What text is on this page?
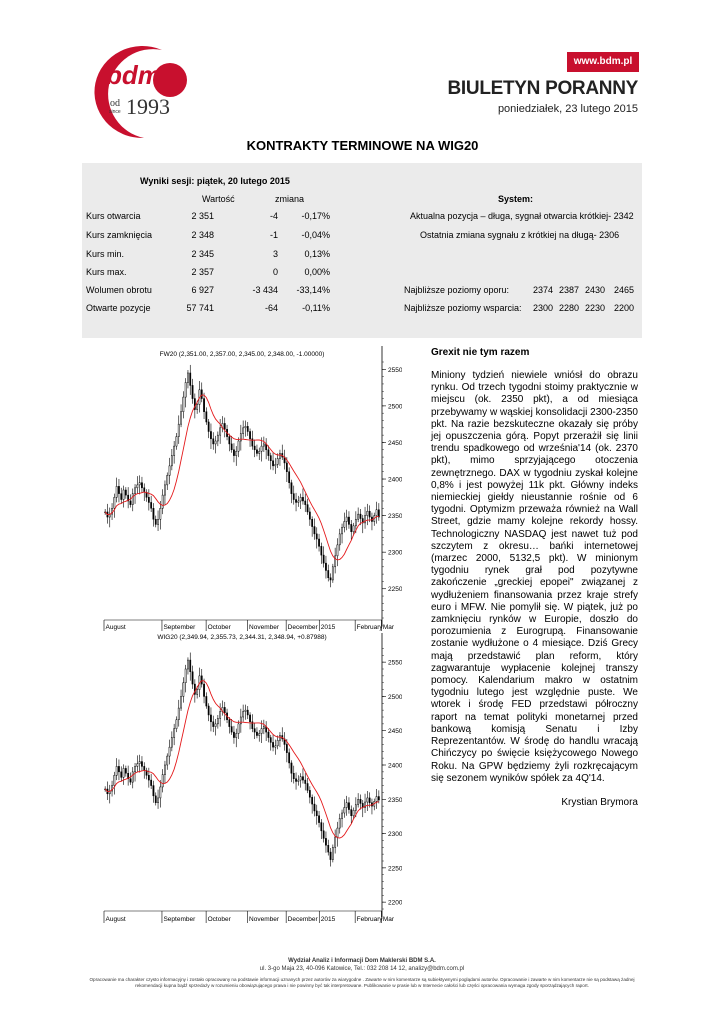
bdm
od
since 1993
www.bdm.pl
BIULETYN PORANNY
poniedziałek, 23 lutego 2015
KONTRAKTY TERMINOWE NA WIG20
Wyniki sesji: piątek, 20 lutego 2015
Wartość	zmiana	System:
Kurs otwarcia	2 351	-4	-0,17%
Kurs zamknięcia	2 348	-1	-0,04%
Kurs min.	2 345	3	0,13%
Kurs max.	2 357	0	0,00%
Wolumen obrotu	6 927	-3 434	-33,14%
Otwarte pozycje	57 741	-64	-0,11%
Aktualna pozycja – długa, sygnał otwarcia krótkiej- 2342
Ostatnia zmiana sygnału z krótkiej na długą- 2306
Najbliższe poziomy oporu:	2374 2387 2430 2465
Najbliższe poziomy wsparcia:	2300 2280 2230 2200
FW20 (2,351.00, 2,357.00, 2,345.00, 2,348.00, -1.00000)
2250
2300
2350
2400
2450
2500
2550
August	September October	November December 2015	February Mar
WIG20 (2,349.94, 2,355.73, 2,344.31, 2,348.94, +0.87988)
2200
2250
2300
2350
2400
2450
2500
2550
August	September October	November December 2015	February Mar
Grexit nie tym razem
Miniony tydzień niewiele wniósł do obrazu rynku. Od trzech tygodni stoimy praktycznie w miejscu (ok. 2350 pkt), a od miesiąca przebywamy w wąskiej konsolidacji 2300-2350 pkt. Na razie bezskuteczne okazały się próby jej opuszczenia górą. Popyt przerażił się linii trendu spadkowego od września'14 (ok. 2370 pkt), mimo sprzyjającego otoczenia zewnętrznego. DAX w tygodniu zyskał kolejne 0,8% i jest powyżej 11k pkt. Główny indeks niemieckiej giełdy nieustannie rośnie od 6 tygodni. Optymizm przeważa również na Wall Street, gdzie mamy kolejne rekordy hossy. Technologiczny NASDAQ jest nawet tuż pod szczytem z okresu… bańki internetowej (marzec 2000, 5132,5 pkt). W minionym tygodniu rynek grał pod pozytywne zakończenie „greckiej epopei" związanej z wydłużeniem finansowania przez kraje strefy euro i MFW. Nie pomylił się. W piątek, już po zamknięciu rynków w Europie, doszło do porozumienia z Eurogrupą. Finansowanie zostanie wydłużone o 4 miesiące. Dziś Grecy mają przedstawić plan reform, który zagwarantuje wypłacenie kolejnej transzy pomocy. Kalendarium makro w ostatnim tygodniu lutego jest względnie puste. We wtorek i środę FED przedstawi półroczny raport na temat polityki monetarnej przed bankową komisją Senatu i Izby Reprezentantów. W środę do handlu wracają Chińczycy po święcie księżycowego Nowego Roku. Na GPW będziemy żyli rozkręcającym się sezonem wyników spółek za 4Q'14.
Krystian Brymora
Wydział Analiz i Informacji Dom Maklerski BDM S.A.
ul. 3-go Maja 23, 40-096 Katowice, Tel.: 032 208 14 12, analizy@bdm.com.pl
Opracowanie ma charakter czysto informacyjny i zostało opracowany na podstawie informacji uznanych przez autorów za wiarygodne . Zawarte w nim komentarze są subiektywnymi poglądami autorów. Opracowanie i zawarte w nim komentarze nie są podstawą żadnej rekomendacji kupna bądź sprzedaży w rozumieniu obowiązującego prawa i nie powinny być tak interpretowane. Publikowanie w prasie lub w Internecie całości lub części opracowania wymaga zgody sporządzających raport.
